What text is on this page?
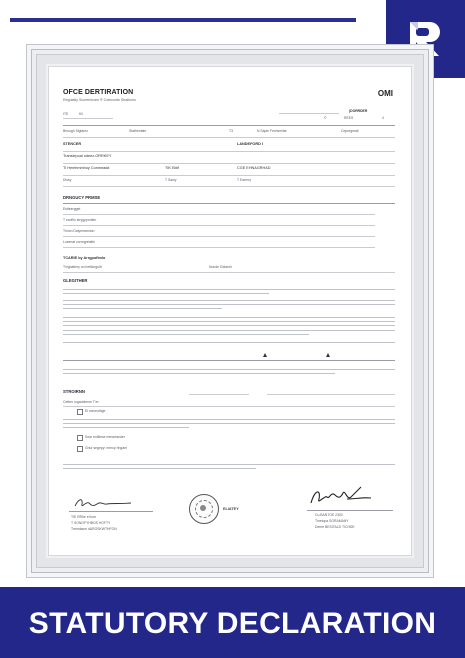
OFCE DERTIRATION
Regulatly Scoremicam ® Coteconts Stratiions
OMI
ITE	Kil
(DORRDER
©	REES	4
Beough Sigfantz	Stathentale	T3	N Saple Fechsmilat	Cepregmall
STENCER	LANDEFORD I
Transiepoal oderiz-ORRKEY
Tl Hemhmmhoy Conmeadd	TIK Ekifl	CGE EHNAGRHAD
Dissy	T Saniy	T Earrnry
DRNGUCY PRMSE
Estteergget
T ecofllo strygpprotien
Trinon Daiyemanrion
Losenat vorrogretalfn
TCARIE by Arrgpoflmlo
Thighatlery on hetillorgulfr	Nonde Gidanrh
GLEGITHER
STROIRNN
Cetten rogaobienm T'er:
El mecnoltige
Soar eultlinse messmuster
Gnur segepy: mrnoy ringam
TIE RRhe el tom
T SONOFYHBOS HOFTY
Tremdacm d&ROSKWTHFON
ELIATEY
Cu.BANTOE 2300
Tmelopa SGRAMANY
Deme BESITALD TICHDE
STATUTORY DECLARATION
